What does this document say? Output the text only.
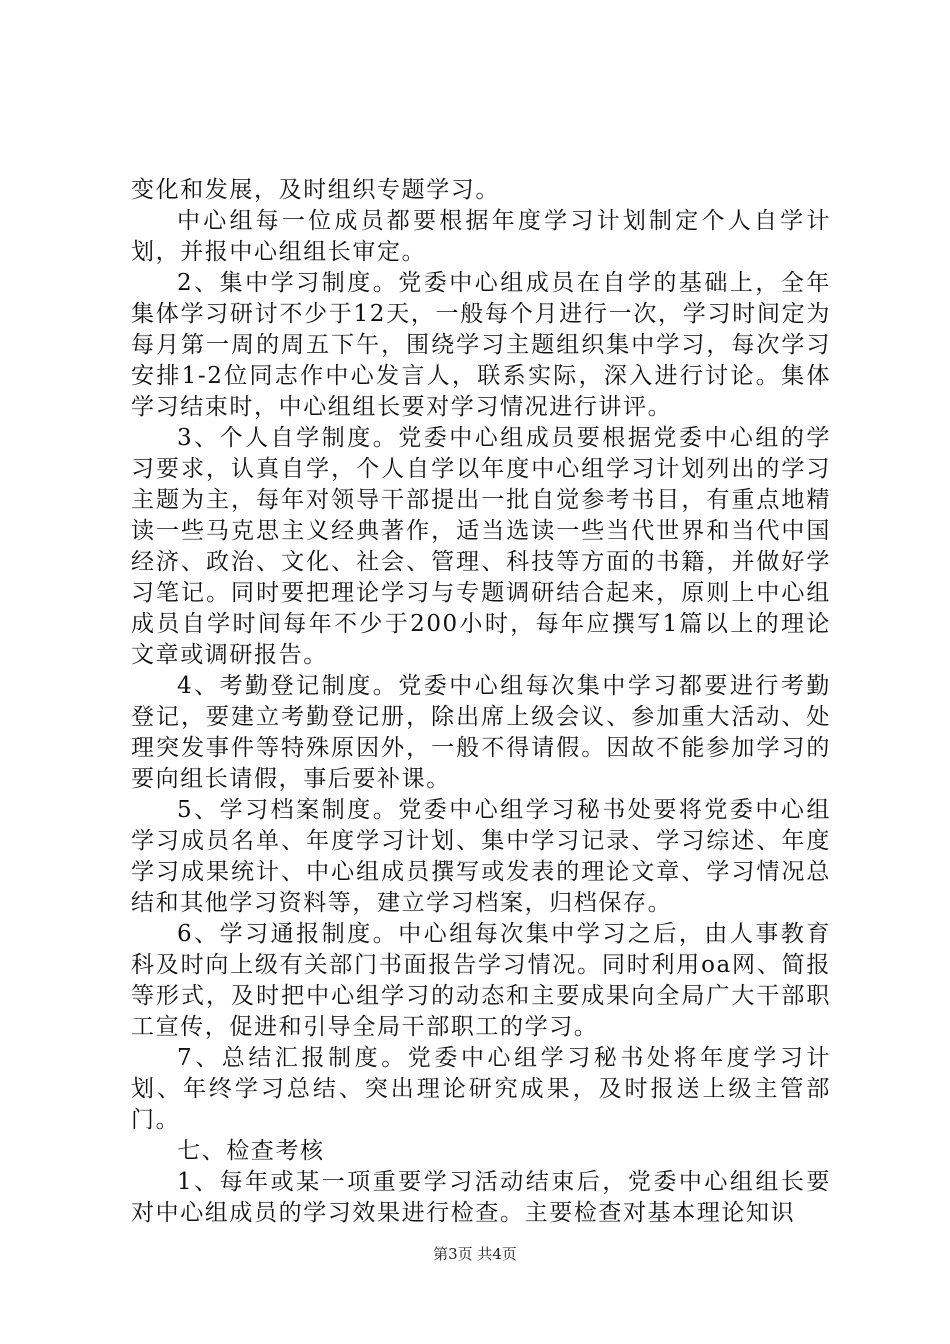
变化和发展，及时组织专题学习。

中心组每一位成员都要根据年度学习计划制定个人自学计划，并报中心组组长审定。

2、集中学习制度。党委中心组成员在自学的基础上，全年集体学习研讨不少于12天，一般每个月进行一次，学习时间定为每月第一周的周五下午，围绕学习主题组织集中学习，每次学习安排1-2位同志作中心发言人，联系实际，深入进行讨论。集体学习结束时，中心组组长要对学习情况进行讲评。

3、个人自学制度。党委中心组成员要根据党委中心组的学习要求，认真自学，个人自学以年度中心组学习计划列出的学习主题为主，每年对领导干部提出一批自觉参考书目，有重点地精读一些马克思主义经典著作，适当选读一些当代世界和当代中国经济、政治、文化、社会、管理、科技等方面的书籍，并做好学习笔记。同时要把理论学习与专题调研结合起来，原则上中心组成员自学时间每年不少于200小时，每年应撰写1篇以上的理论文章或调研报告。

4、考勤登记制度。党委中心组每次集中学习都要进行考勤登记，要建立考勤登记册，除出席上级会议、参加重大活动、处理突发事件等特殊原因外，一般不得请假。因故不能参加学习的要向组长请假，事后要补课。

5、学习档案制度。党委中心组学习秘书处要将党委中心组学习成员名单、年度学习计划、集中学习记录、学习综述、年度学习成果统计、中心组成员撰写或发表的理论文章、学习情况总结和其他学习资料等，建立学习档案，归档保存。

6、学习通报制度。中心组每次集中学习之后，由人事教育科及时向上级有关部门书面报告学习情况。同时利用oa网、简报等形式，及时把中心组学习的动态和主要成果向全局广大干部职工宣传，促进和引导全局干部职工的学习。

7、总结汇报制度。党委中心组学习秘书处将年度学习计划、年终学习总结、突出理论研究成果，及时报送上级主管部门。

七、检查考核

1、每年或某一项重要学习活动结束后，党委中心组组长要对中心组成员的学习效果进行检查。主要检查对基本理论知识

第3页 共4页
